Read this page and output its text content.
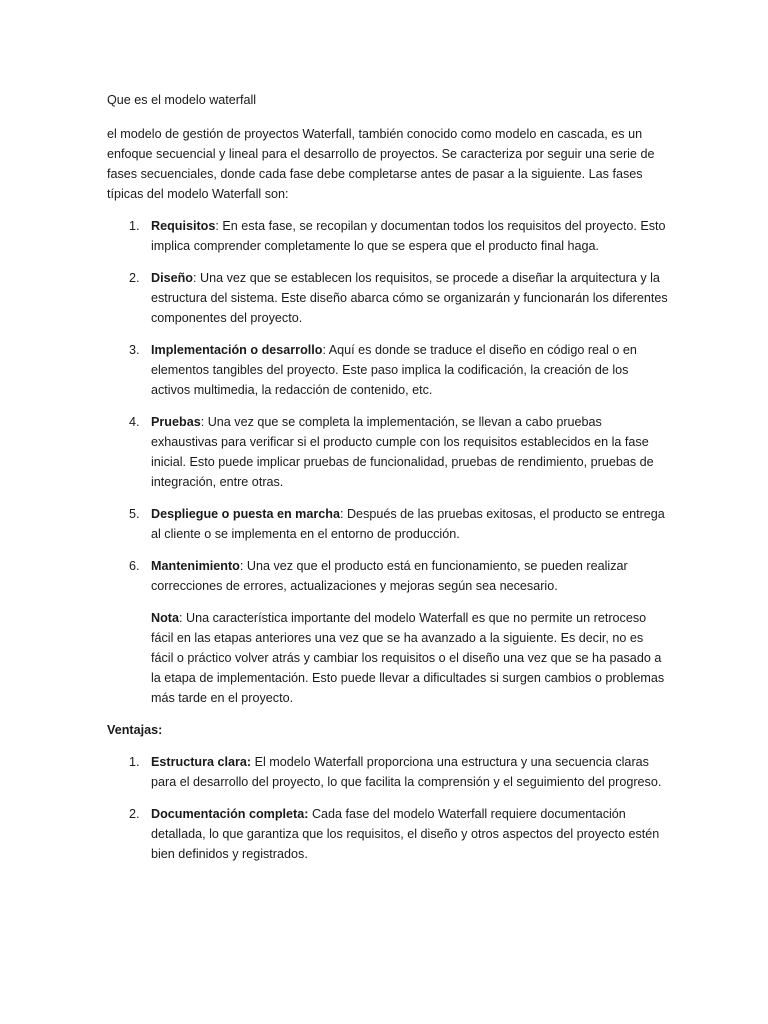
Que es el modelo waterfall

el modelo de gestión de proyectos Waterfall, también conocido como modelo en cascada, es un enfoque secuencial y lineal para el desarrollo de proyectos. Se caracteriza por seguir una serie de fases secuenciales, donde cada fase debe completarse antes de pasar a la siguiente. Las fases típicas del modelo Waterfall son:

1. Requisitos: En esta fase, se recopilan y documentan todos los requisitos del proyecto. Esto implica comprender completamente lo que se espera que el producto final haga.
2. Diseño: Una vez que se establecen los requisitos, se procede a diseñar la arquitectura y la estructura del sistema. Este diseño abarca cómo se organizarán y funcionarán los diferentes componentes del proyecto.
3. Implementación o desarrollo: Aquí es donde se traduce el diseño en código real o en elementos tangibles del proyecto. Este paso implica la codificación, la creación de los activos multimedia, la redacción de contenido, etc.
4. Pruebas: Una vez que se completa la implementación, se llevan a cabo pruebas exhaustivas para verificar si el producto cumple con los requisitos establecidos en la fase inicial. Esto puede implicar pruebas de funcionalidad, pruebas de rendimiento, pruebas de integración, entre otras.
5. Despliegue o puesta en marcha: Después de las pruebas exitosas, el producto se entrega al cliente o se implementa en el entorno de producción.
6. Mantenimiento: Una vez que el producto está en funcionamiento, se pueden realizar correcciones de errores, actualizaciones y mejoras según sea necesario.

Nota: Una característica importante del modelo Waterfall es que no permite un retroceso fácil en las etapas anteriores una vez que se ha avanzado a la siguiente. Es decir, no es fácil o práctico volver atrás y cambiar los requisitos o el diseño una vez que se ha pasado a la etapa de implementación. Esto puede llevar a dificultades si surgen cambios o problemas más tarde en el proyecto.

Ventajas:

1. Estructura clara: El modelo Waterfall proporciona una estructura y una secuencia claras para el desarrollo del proyecto, lo que facilita la comprensión y el seguimiento del progreso.
2. Documentación completa: Cada fase del modelo Waterfall requiere documentación detallada, lo que garantiza que los requisitos, el diseño y otros aspectos del proyecto estén bien definidos y registrados.
